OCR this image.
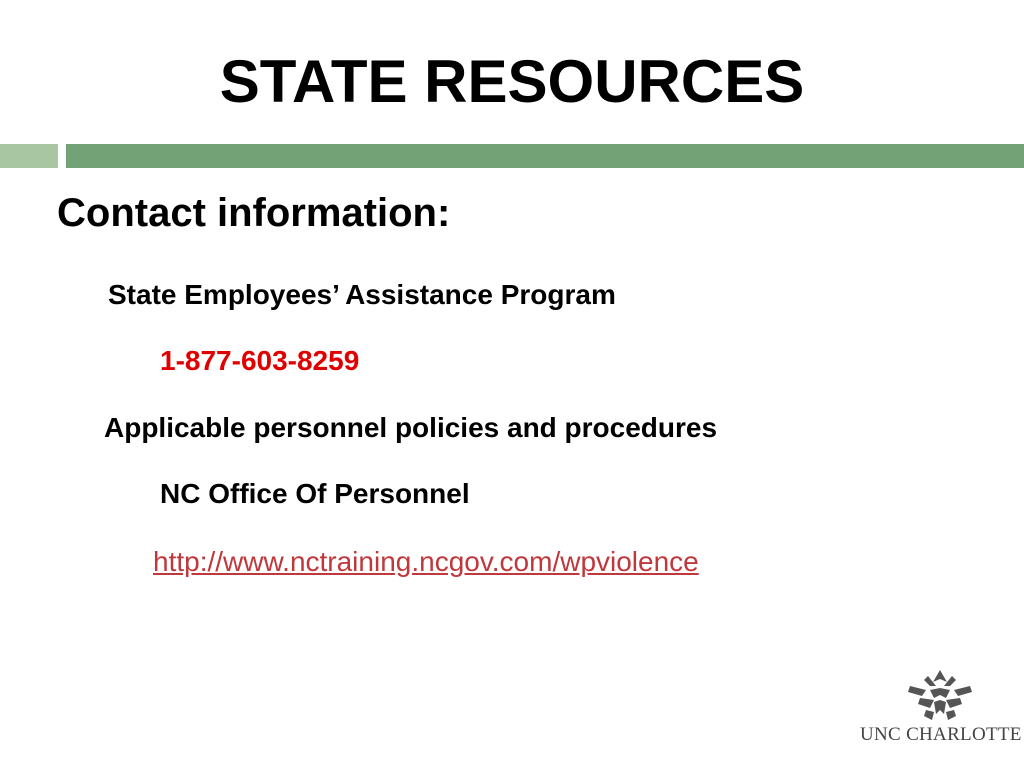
STATE RESOURCES
Contact information:
State Employees’ Assistance Program
1-877-603-8259
Applicable personnel policies and procedures
NC Office Of Personnel
http://www.nctraining.ncgov.com/wpviolence
UNC CHARLOTTE
